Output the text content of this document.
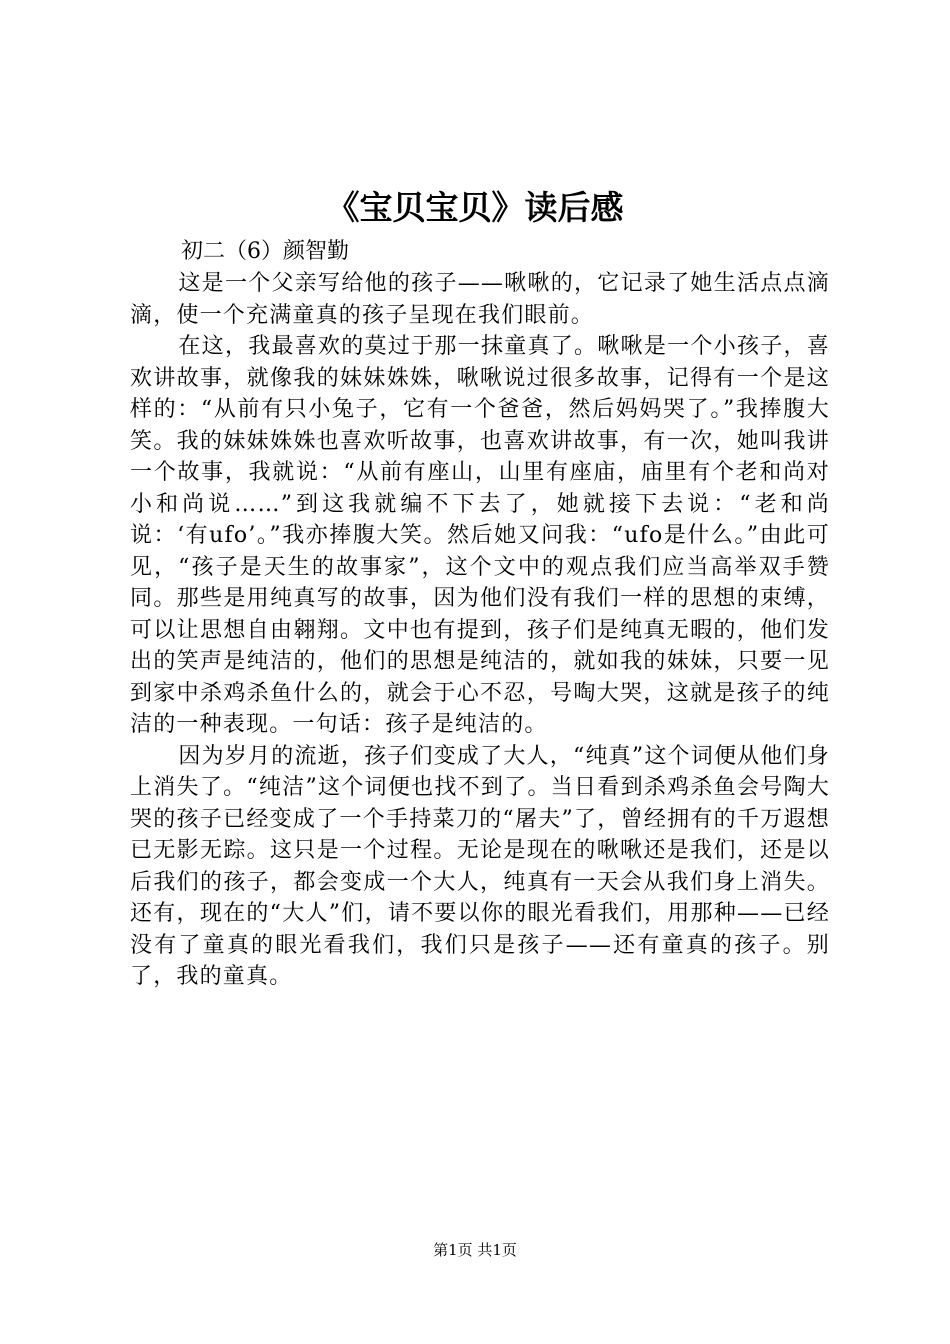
《宝贝宝贝》读后感
初二（6）颜智勤

这是一个父亲写给他的孩子——啾啾的，它记录了她生活点点滴滴，使一个充满童真的孩子呈现在我们眼前。

在这，我最喜欢的莫过于那一抹童真了。啾啾是一个小孩子，喜欢讲故事，就像我的妹妹姝姝，啾啾说过很多故事，记得有一个是这样的：“从前有只小兔子，它有一个爸爸，然后妈妈哭了。”我捧腹大笑。我的妹妹姝姝也喜欢听故事，也喜欢讲故事，有一次，她叫我讲一个故事，我就说：“从前有座山，山里有座庙，庙里有个老和尚对小和尚说……”到这我就编不下去了，她就接下去说：“老和尚说：‘有ufo’。”我亦捧腹大笑。然后她又问我：“ufo是什么。”由此可见，“孩子是天生的故事家”，这个文中的观点我们应当高举双手赞同。那些是用纯真写的故事，因为他们没有我们一样的思想的束缚，可以让思想自由翱翔。文中也有提到，孩子们是纯真无暇的，他们发出的笑声是纯洁的，他们的思想是纯洁的，就如我的妹妹，只要一见到家中杀鸡杀鱼什么的，就会于心不忍，号啕大哭，这就是孩子的纯洁的一种表现。一句话：孩子是纯洁的。

因为岁月的流逝，孩子们变成了大人，“纯真”这个词便从他们身上消失了。“纯洁”这个词便也找不到了。当日看到杀鸡杀鱼会号陶大哭的孩子已经变成了一个手持菜刀的“屠夫”了，曾经拥有的千万遐想已无影无踪。这只是一个过程。无论是现在的啾啾还是我们，还是以后我们的孩子，都会变成一个大人，纯真有一天会从我们身上消失。还有，现在的“大人”们，请不要以你的眼光看我们，用那种——已经没有了童真的眼光看我们，我们只是孩子——还有童真的孩子。别了，我的童真。

第1页 共1页
